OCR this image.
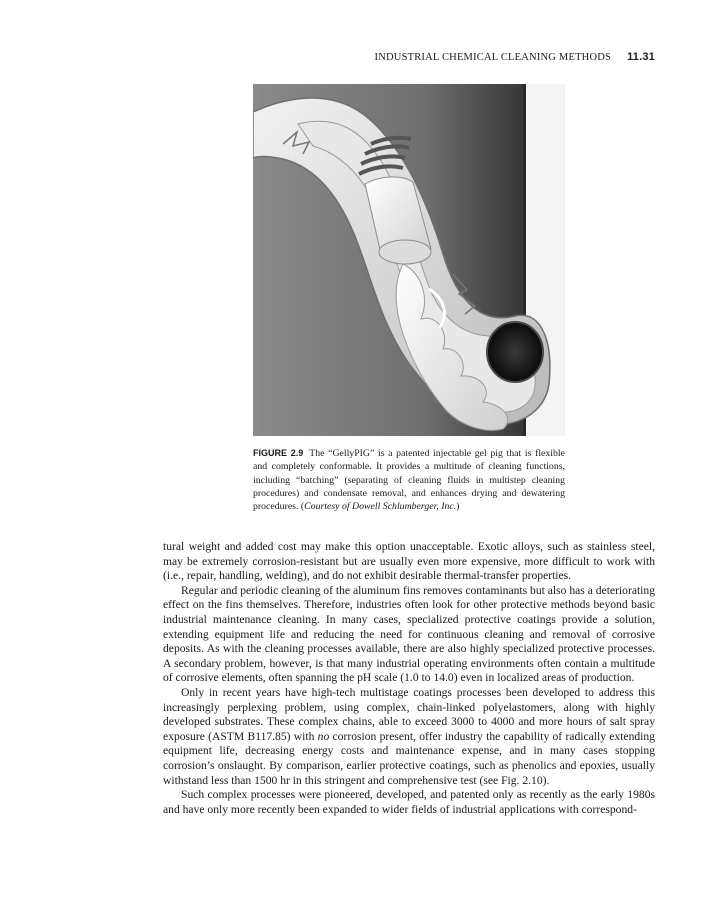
INDUSTRIAL CHEMICAL CLEANING METHODS 11.31
FIGURE 2.9 The “GellyPIG” is a patented injectable gel pig that is flexible and completely conformable. It provides a multitude of cleaning functions, including “batching” (separating of cleaning fluids in multistep cleaning procedures) and condensate removal, and enhances drying and dewatering procedures. (Courtesy of Dowell Schlumberger, Inc.)

tural weight and added cost may make this option unacceptable. Exotic alloys, such as stainless steel, may be extremely corrosion-resistant but are usually even more expensive, more difficult to work with (i.e., repair, handling, welding), and do not exhibit desirable thermal-transfer properties.

Regular and periodic cleaning of the aluminum fins removes contaminants but also has a deteriorating effect on the fins themselves. Therefore, industries often look for other protective methods beyond basic industrial maintenance cleaning. In many cases, specialized protective coatings provide a solution, extending equipment life and reducing the need for continuous cleaning and removal of corrosive deposits. As with the cleaning processes available, there are also highly specialized protective processes. A secondary problem, however, is that many industrial operating environments often contain a multitude of corrosive elements, often spanning the pH scale (1.0 to 14.0) even in localized areas of production.

Only in recent years have high-tech multistage coatings processes been developed to address this increasingly perplexing problem, using complex, chain-linked polyelastomers, along with highly developed substrates. These complex chains, able to exceed 3000 to 4000 and more hours of salt spray exposure (ASTM B117.85) with no corrosion present, offer industry the capability of radically extending equipment life, decreasing energy costs and maintenance expense, and in many cases stopping corrosion’s onslaught. By comparison, earlier protective coatings, such as phenolics and epoxies, usually withstand less than 1500 hr in this stringent and comprehensive test (see Fig. 2.10).

Such complex processes were pioneered, developed, and patented only as recently as the early 1980s and have only more recently been expanded to wider fields of industrial applications with correspond-
